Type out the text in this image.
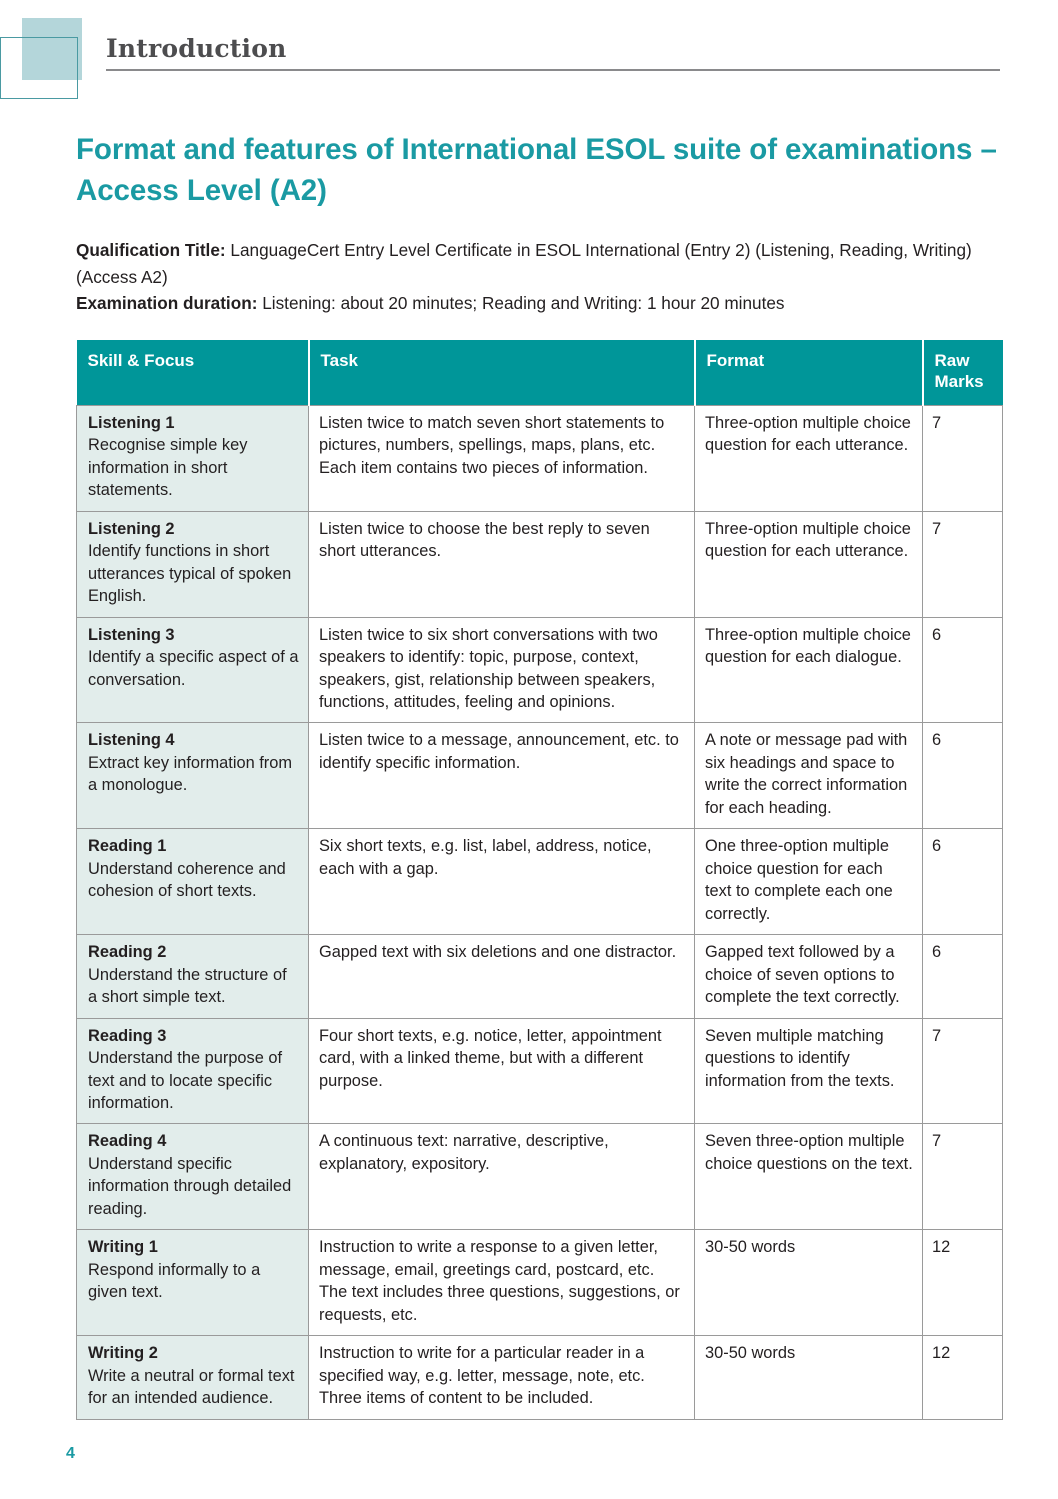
Introduction
Format and features of International ESOL suite of examinations – Access Level (A2)

Qualification Title: LanguageCert Entry Level Certificate in ESOL International (Entry 2) (Listening, Reading, Writing) (Access A2)

Examination duration: Listening: about 20 minutes; Reading and Writing: 1 hour 20 minutes

Skill & Focus	Task	Format	Raw
Marks

Listening 1
Recognise simple key information in short statements.	Listen twice to match seven short statements to pictures, numbers, spellings, maps, plans, etc. Each item contains two pieces of information.	Three-option multiple choice question for each utterance.	7

Listening 2
Identify functions in short utterances typical of spoken English.	Listen twice to choose the best reply to seven short utterances.	Three-option multiple choice question for each utterance.	7

Listening 3
Identify a specific aspect of a conversation.	Listen twice to six short conversations with two speakers to identify: topic, purpose, context, speakers, gist, relationship between speakers, functions, attitudes, feeling and opinions.	Three-option multiple choice question for each dialogue.	6

Listening 4
Extract key information from a monologue.	Listen twice to a message, announcement, etc. to identify specific information.	A note or message pad with six headings and space to write the correct information for each heading.	6

Reading 1
Understand coherence and cohesion of short texts.	Six short texts, e.g. list, label, address, notice, each with a gap.	One three-option multiple choice question for each text to complete each one correctly.	6

Reading 2
Understand the structure of a short simple text.	Gapped text with six deletions and one distractor.	Gapped text followed by a choice of seven options to complete the text correctly.	6

Reading 3
Understand the purpose of text and to locate specific information.	Four short texts, e.g. notice, letter, appointment card, with a linked theme, but with a different purpose.	Seven multiple matching questions to identify information from the texts.	7

Reading 4
Understand specific information through detailed reading.	A continuous text: narrative, descriptive, explanatory, expository.	Seven three-option multiple choice questions on the text.	7

Writing 1
Respond informally to a given text.	Instruction to write a response to a given letter, message, email, greetings card, postcard, etc. The text includes three questions, suggestions, or requests, etc.	30-50 words	12

Writing 2
Write a neutral or formal text for an intended audience.	Instruction to write for a particular reader in a specified way, e.g. letter, message, note, etc. Three items of content to be included.	30-50 words	12
4
